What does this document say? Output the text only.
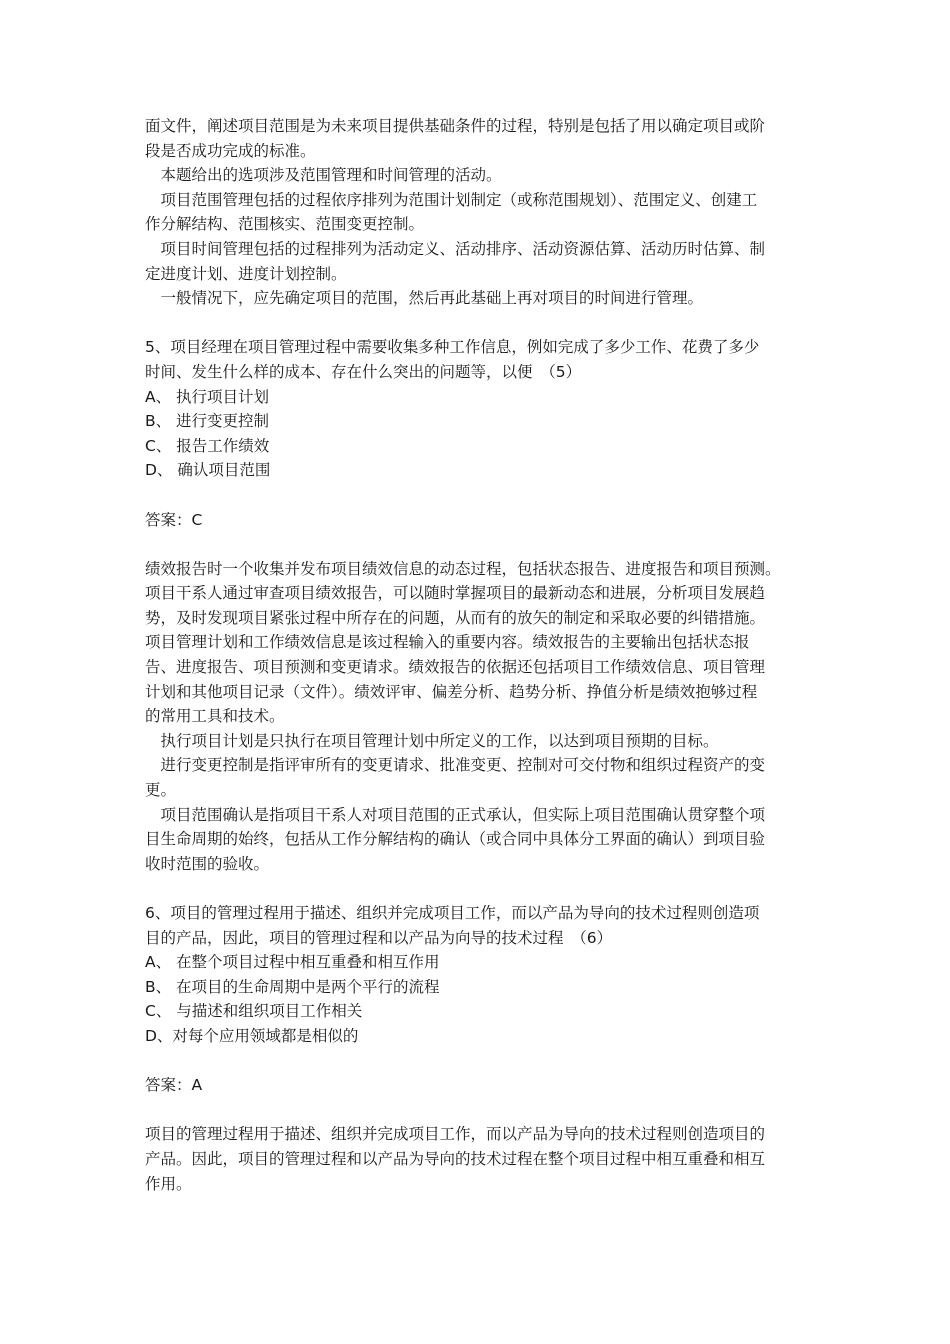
面文件，阐述项目范围是为未来项目提供基础条件的过程，特别是包括了用以确定项目或阶
段是否成功完成的标准。
　本题给出的选项涉及范围管理和时间管理的活动。
　项目范围管理包括的过程依序排列为范围计划制定（或称范围规划）、范围定义、创建工
作分解结构、范围核实、范围变更控制。
　项目时间管理包括的过程排列为活动定义、活动排序、活动资源估算、活动历时估算、制
定进度计划、进度计划控制。
　一般情况下，应先确定项目的范围，然后再此基础上再对项目的时间进行管理。
5、项目经理在项目管理过程中需要收集多种工作信息，例如完成了多少工作、花费了多少
时间、发生什么样的成本、存在什么突出的问题等，以便　（5）
A、 执行项目计划
B、 进行变更控制
C、 报告工作绩效
D、 确认项目范围
答案：C
绩效报告时一个收集并发布项目绩效信息的动态过程，包括状态报告、进度报告和项目预测。
项目干系人通过审查项目绩效报告，可以随时掌握项目的最新动态和进展，分析项目发展趋
势，及时发现项目紧张过程中所存在的问题，从而有的放矢的制定和采取必要的纠错措施。
项目管理计划和工作绩效信息是该过程输入的重要内容。绩效报告的主要输出包括状态报
告、进度报告、项目预测和变更请求。绩效报告的依据还包括项目工作绩效信息、项目管理
计划和其他项目记录（文件）。绩效评审、偏差分析、趋势分析、挣值分析是绩效抱够过程
的常用工具和技术。
　执行项目计划是只执行在项目管理计划中所定义的工作，以达到项目预期的目标。
　进行变更控制是指评审所有的变更请求、批准变更、控制对可交付物和组织过程资产的变
更。
　项目范围确认是指项目干系人对项目范围的正式承认，但实际上项目范围确认贯穿整个项
目生命周期的始终，包括从工作分解结构的确认（或合同中具体分工界面的确认）到项目验
收时范围的验收。
6、项目的管理过程用于描述、组织并完成项目工作，而以产品为导向的技术过程则创造项
目的产品，因此，项目的管理过程和以产品为向导的技术过程　（6）
A、 在整个项目过程中相互重叠和相互作用
B、 在项目的生命周期中是两个平行的流程
C、 与描述和组织项目工作相关
D、对每个应用领域都是相似的
答案：A
项目的管理过程用于描述、组织并完成项目工作，而以产品为导向的技术过程则创造项目的
产品。因此，项目的管理过程和以产品为导向的技术过程在整个项目过程中相互重叠和相互
作用。
